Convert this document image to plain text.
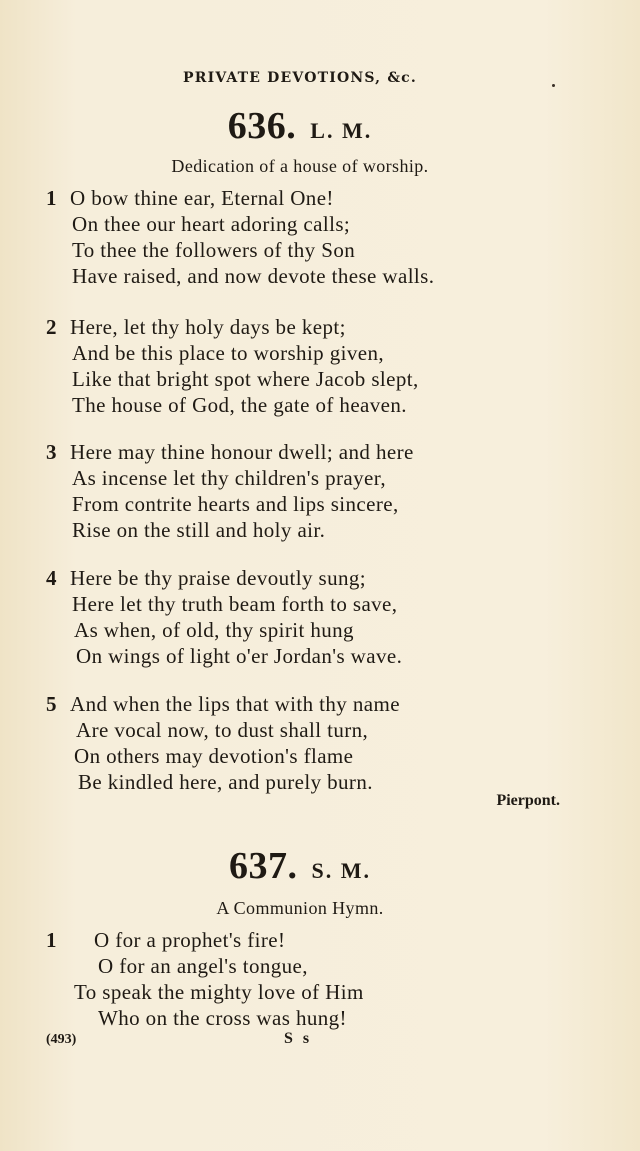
PRIVATE DEVOTIONS, &c.
636. L. M.
Dedication of a house of worship.
1 O bow thine ear, Eternal One!
On thee our heart adoring calls;
To thee the followers of thy Son
Have raised, and now devote these walls.
2 Here, let thy holy days be kept;
And be this place to worship given,
Like that bright spot where Jacob slept,
The house of God, the gate of heaven.
3 Here may thine honour dwell; and here
As incense let thy children's prayer,
From contrite hearts and lips sincere,
Rise on the still and holy air.
4 Here be thy praise devoutly sung;
Here let thy truth beam forth to save,
As when, of old, thy spirit hung
On wings of light o'er Jordan's wave.
5 And when the lips that with thy name
Are vocal now, to dust shall turn,
On others may devotion's flame
Be kindled here, and purely burn.
Pierpont.
637. S. M.
A Communion Hymn.
1 O for a prophet's fire!
O for an angel's tongue,
To speak the mighty love of Him
Who on the cross was hung!
(493)	S s
